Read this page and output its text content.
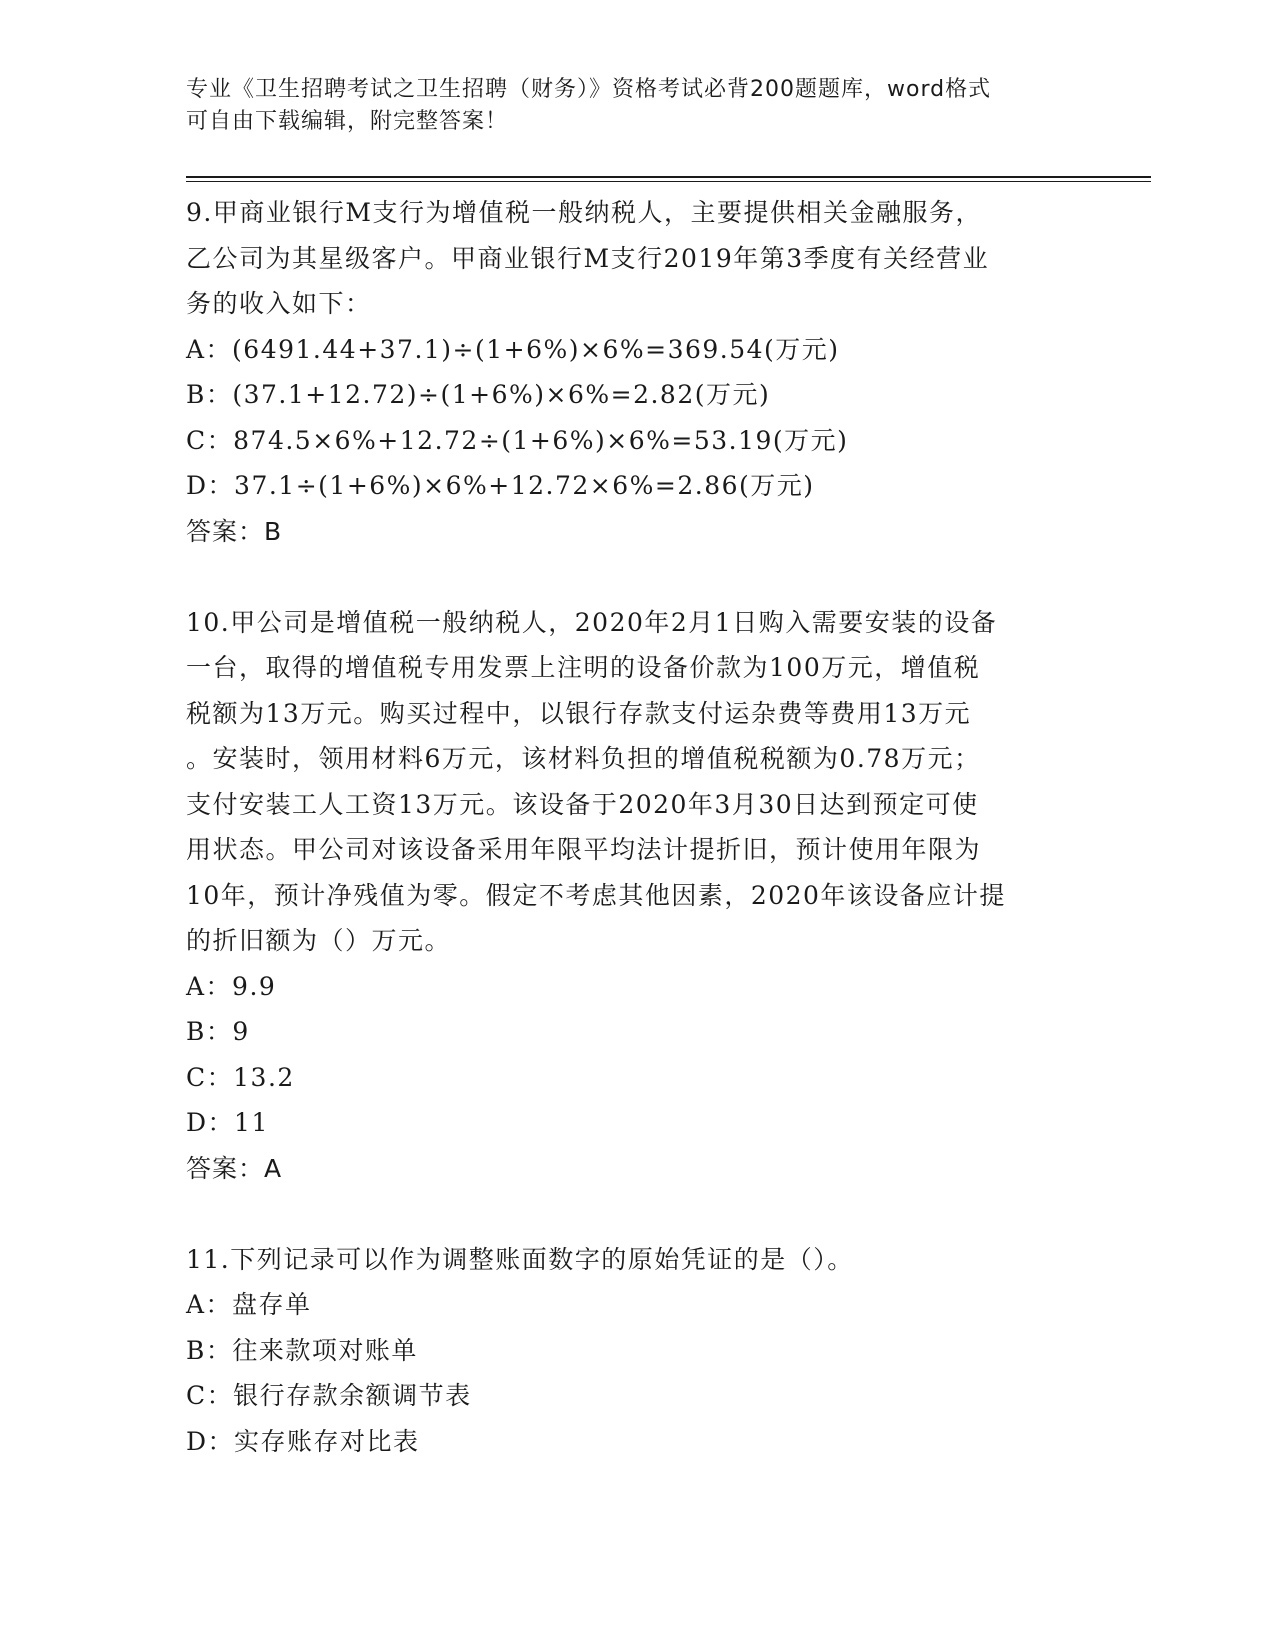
专业《卫生招聘考试之卫生招聘（财务）》资格考试必背200题题库，word格式
可自由下载编辑，附完整答案！
9.甲商业银行M支行为增值税一般纳税人，主要提供相关金融服务，
乙公司为其星级客户。甲商业银行M支行2019年第3季度有关经营业
务的收入如下：
A：(6491.44+37.1)÷(1+6%)×6%=369.54(万元)
B：(37.1+12.72)÷(1+6%)×6%=2.82(万元)
C：874.5×6%+12.72÷(1+6%)×6%=53.19(万元)
D：37.1÷(1+6%)×6%+12.72×6%=2.86(万元)
答案：B
10.甲公司是增值税一般纳税人，2020年2月1日购入需要安装的设备
一台，取得的增值税专用发票上注明的设备价款为100万元，增值税
税额为13万元。购买过程中，以银行存款支付运杂费等费用13万元
。安装时，领用材料6万元，该材料负担的增值税税额为0.78万元；
支付安装工人工资13万元。该设备于2020年3月30日达到预定可使
用状态。甲公司对该设备采用年限平均法计提折旧，预计使用年限为
10年，预计净残值为零。假定不考虑其他因素，2020年该设备应计提
的折旧额为（）万元。
A：9.9
B：9
C：13.2
D：11
答案：A
11.下列记录可以作为调整账面数字的原始凭证的是（）。
A：盘存单
B：往来款项对账单
C：银行存款余额调节表
D：实存账存对比表
